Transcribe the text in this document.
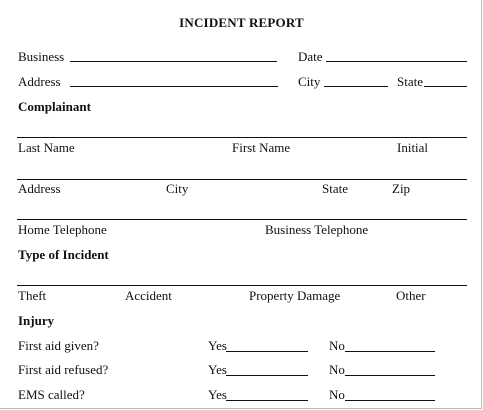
INCIDENT REPORT
Business	Date
Address	City	State
Complainant
Last Name	First Name	Initial
Address	City	State	Zip
Home Telephone	Business Telephone
Type of Incident
Theft	Accident	Property Damage	Other
Injury
First aid given?	Yes	No
First aid refused?	Yes	No
EMS called?	Yes	No
